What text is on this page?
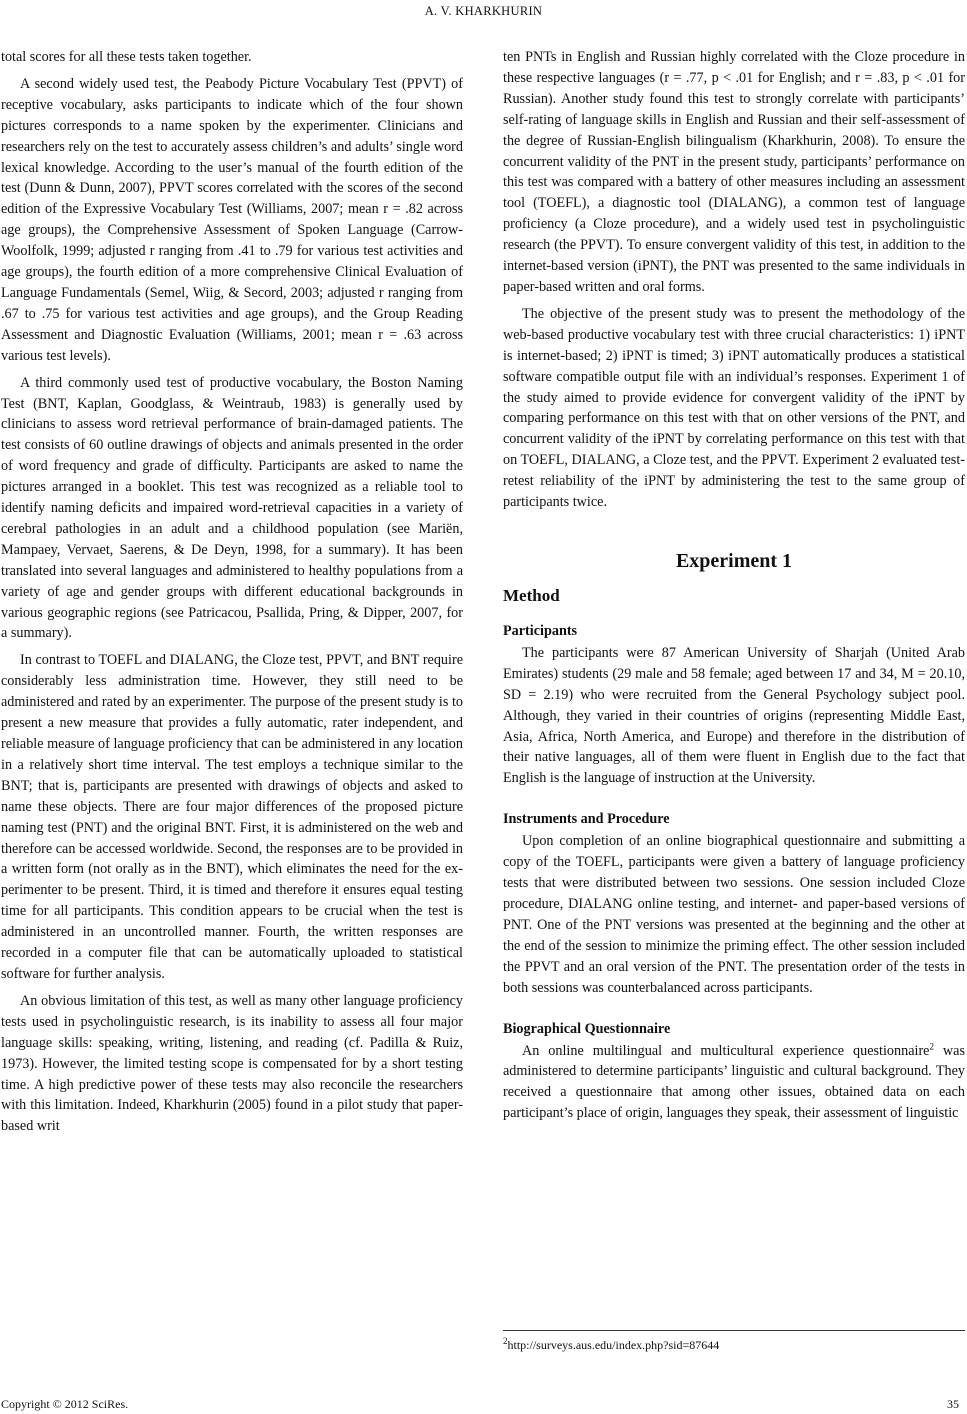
A. V. KHARKHURIN

total scores for all these tests taken together.

A second widely used test, the Peabody Picture Vocabulary Test (PPVT) of receptive vocabulary, asks participants to indicate which of the four shown pictures corresponds to a name spoken by the experimenter. Clinicians and researchers rely on the test to accurately assess children’s and adults’ single word lexical knowledge. According to the user’s manual of the fourth edition of the test (Dunn & Dunn, 2007), PPVT scores correlated with the scores of the second edition of the Expressive Vocabulary Test (Williams, 2007; mean r = .82 across age groups), the Comprehensive Assessment of Spoken Language (Carrow-Woolfolk, 1999; adjusted r ranging from .41 to .79 for various test activities and age groups), the fourth edition of a more comprehensive Clinical Evaluation of Language Fundamentals (Semel, Wiig, & Secord, 2003; adjusted r ranging from .67 to .75 for various test activities and age groups), and the Group Reading Assessment and Diagnostic Evaluation (Williams, 2001; mean r = .63 across various test levels).

A third commonly used test of productive vocabulary, the Boston Naming Test (BNT, Kaplan, Goodglass, & Weintraub, 1983) is generally used by clinicians to assess word retrieval performance of brain-damaged patients. The test consists of 60 outline drawings of objects and animals presented in the order of word frequency and grade of difficulty. Participants are asked to name the pictures arranged in a booklet. This test was recognized as a reliable tool to identify naming deficits and impaired word-retrieval capacities in a variety of cerebral pathologies in an adult and a childhood population (see Mariën, Mampaey, Vervaet, Saerens, & De Deyn, 1998, for a summary). It has been translated into several languages and administered to healthy populations from a variety of age and gender groups with different educational backgrounds in various geographic regions (see Patricacou, Psallida, Pring, & Dipper, 2007, for a summary).

In contrast to TOEFL and DIALANG, the Cloze test, PPVT, and BNT require considerably less administration time. However, they still need to be administered and rated by an experimenter. The purpose of the present study is to present a new measure that provides a fully automatic, rater independent, and reliable measure of language proficiency that can be administered in any location in a relatively short time interval. The test employs a technique similar to the BNT; that is, participants are presented with drawings of objects and asked to name these objects. There are four major differences of the proposed picture naming test (PNT) and the original BNT. First, it is administered on the web and therefore can be accessed worldwide. Second, the responses are to be provided in a written form (not orally as in the BNT), which eliminates the need for the experimenter to be present. Third, it is timed and therefore it ensures equal testing time for all participants. This condition appears to be crucial when the test is administered in an uncontrolled manner. Fourth, the written responses are recorded in a computer file that can be automatically uploaded to statistical software for further analysis.

An obvious limitation of this test, as well as many other language proficiency tests used in psycholinguistic research, is its inability to assess all four major language skills: speaking, writing, listening, and reading (cf. Padilla & Ruiz, 1973). However, the limited testing scope is compensated for by a short testing time. A high predictive power of these tests may also reconcile the researchers with this limitation. Indeed, Kharkhurin (2005) found in a pilot study that paper-based writ

ten PNTs in English and Russian highly correlated with the Cloze procedure in these respective languages (r = .77, p < .01 for English; and r = .83, p < .01 for Russian). Another study found this test to strongly correlate with participants’ self-rating of language skills in English and Russian and their self-assessment of the degree of Russian-English bilingualism (Kharkhurin, 2008). To ensure the concurrent validity of the PNT in the present study, participants’ performance on this test was compared with a battery of other measures including an assessment tool (TOEFL), a diagnostic tool (DIALANG), a common test of language proficiency (a Cloze procedure), and a widely used test in psycholinguistic research (the PPVT). To ensure convergent validity of this test, in addition to the internet-based version (iPNT), the PNT was presented to the same individuals in paper-based written and oral forms.

The objective of the present study was to present the methodology of the web-based productive vocabulary test with three crucial characteristics: 1) iPNT is internet-based; 2) iPNT is timed; 3) iPNT automatically produces a statistical software compatible output file with an individual’s responses. Experiment 1 of the study aimed to provide evidence for convergent validity of the iPNT by comparing performance on this test with that on other versions of the PNT, and concurrent validity of the iPNT by correlating performance on this test with that on TOEFL, DIALANG, a Cloze test, and the PPVT. Experiment 2 evaluated test-retest reliability of the iPNT by administering the test to the same group of participants twice.

Experiment 1
Method
Participants

The participants were 87 American University of Sharjah (United Arab Emirates) students (29 male and 58 female; aged between 17 and 34, M = 20.10, SD = 2.19) who were recruited from the General Psychology subject pool. Although, they varied in their countries of origins (representing Middle East, Asia, Africa, North America, and Europe) and therefore in the distribution of their native languages, all of them were fluent in English due to the fact that English is the language of instruction at the University.

Instruments and Procedure

Upon completion of an online biographical questionnaire and submitting a copy of the TOEFL, participants were given a battery of language proficiency tests that were distributed between two sessions. One session included Cloze procedure, DIALANG online testing, and internet- and paper-based versions of PNT. One of the PNT versions was presented at the beginning and the other at the end of the session to minimize the priming effect. The other session included the PPVT and an oral version of the PNT. The presentation order of the tests in both sessions was counterbalanced across participants.

Biographical Questionnaire

An online multilingual and multicultural experience questionnaire$^2$ was administered to determine participants’ linguistic and cultural background. They received a questionnaire that among other issues, obtained data on each participant’s place of origin, languages they speak, their assessment of linguistic

$^2$http://surveys.aus.edu/index.php?sid=87644
Copyright © 2012 SciRes.	35
